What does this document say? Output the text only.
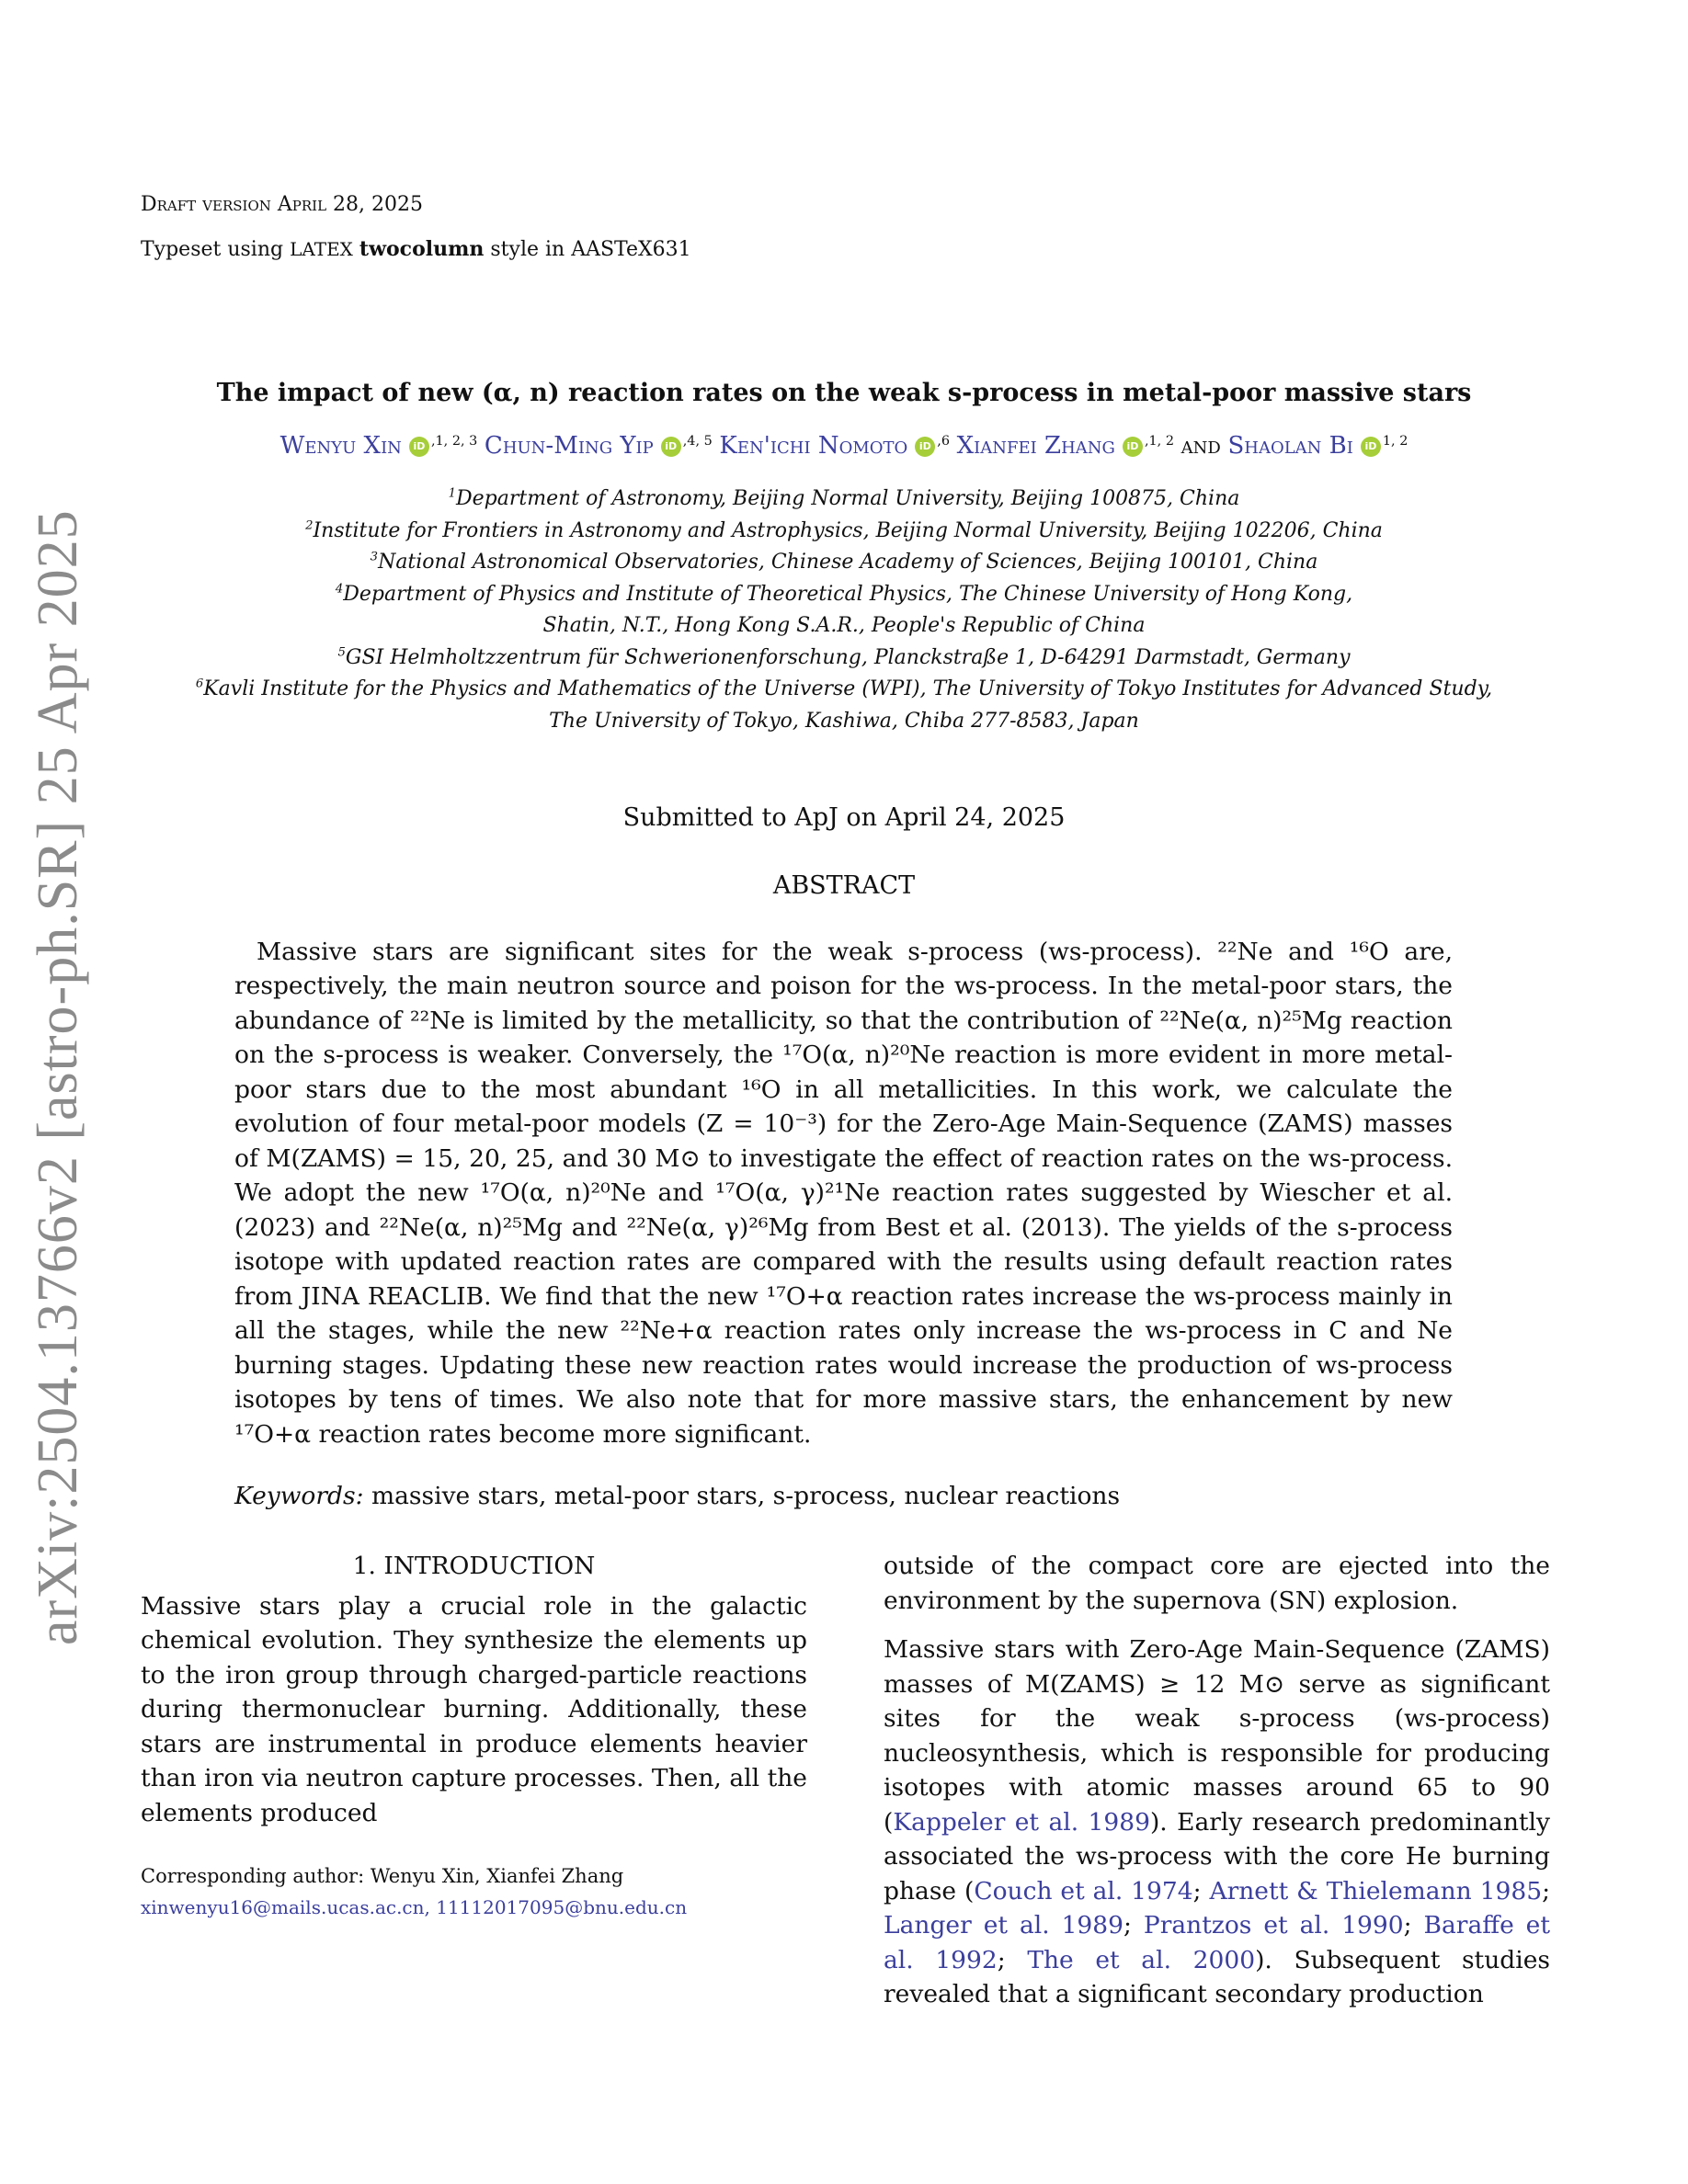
arXiv:2504.13766v2 [astro-ph.SR] 25 Apr 2025
Draft version April 28, 2025
Typeset using LATEX twocolumn style in AASTeX631
The impact of new (α, n) reaction rates on the weak s-process in metal-poor massive stars
Wenyu Xin iD $^{,1, 2, 3}$ Chun-Ming Yip iD $^{,4, 5}$ Ken'ichi Nomoto iD $^{,6}$ Xianfei Zhang iD $^{,1, 2}$ and Shaolan Bi iD $^{1, 2}$
$^1$Department of Astronomy, Beijing Normal University, Beijing 100875, China
$^2$Institute for Frontiers in Astronomy and Astrophysics, Beijing Normal University, Beijing 102206, China
$^3$National Astronomical Observatories, Chinese Academy of Sciences, Beijing 100101, China
$^4$Department of Physics and Institute of Theoretical Physics, The Chinese University of Hong Kong,
Shatin, N.T., Hong Kong S.A.R., People's Republic of China
$^5$GSI Helmholtzzentrum für Schwerionenforschung, Planckstraße 1, D-64291 Darmstadt, Germany
$^6$Kavli Institute for the Physics and Mathematics of the Universe (WPI), The University of Tokyo Institutes for Advanced Study,
The University of Tokyo, Kashiwa, Chiba 277-8583, Japan
Submitted to ApJ on April 24, 2025
ABSTRACT

Massive stars are significant sites for the weak s-process (ws-process). ²²Ne and ¹⁶O are, respectively, the main neutron source and poison for the ws-process. In the metal-poor stars, the abundance of ²²Ne is limited by the metallicity, so that the contribution of ²²Ne(α, n)²⁵Mg reaction on the s-process is weaker. Conversely, the ¹⁷O(α, n)²⁰Ne reaction is more evident in more metal-poor stars due to the most abundant ¹⁶O in all metallicities. In this work, we calculate the evolution of four metal-poor models (Z = 10⁻³) for the Zero-Age Main-Sequence (ZAMS) masses of M(ZAMS) = 15, 20, 25, and 30 M⊙ to investigate the effect of reaction rates on the ws-process. We adopt the new ¹⁷O(α, n)²⁰Ne and ¹⁷O(α, γ)²¹Ne reaction rates suggested by Wiescher et al. (2023) and ²²Ne(α, n)²⁵Mg and ²²Ne(α, γ)²⁶Mg from Best et al. (2013). The yields of the s-process isotope with updated reaction rates are compared with the results using default reaction rates from JINA REACLIB. We find that the new ¹⁷O+α reaction rates increase the ws-process mainly in all the stages, while the new ²²Ne+α reaction rates only increase the ws-process in C and Ne burning stages. Updating these new reaction rates would increase the production of ws-process isotopes by tens of times. We also note that for more massive stars, the enhancement by new ¹⁷O+α reaction rates become more significant.

Keywords: massive stars, metal-poor stars, s-process, nuclear reactions
1. INTRODUCTION

Massive stars play a crucial role in the galactic chemical evolution. They synthesize the elements up to the iron group through charged-particle reactions during thermonuclear burning. Additionally, these stars are instrumental in produce elements heavier than iron via neutron capture processes. Then, all the elements produced

outside of the compact core are ejected into the environment by the supernova (SN) explosion.

Massive stars with Zero-Age Main-Sequence (ZAMS) masses of M(ZAMS) ≥ 12 M⊙ serve as significant sites for the weak s-process (ws-process) nucleosynthesis, which is responsible for producing isotopes with atomic masses around 65 to 90 (Kappeler et al. 1989). Early research predominantly associated the ws-process with the core He burning phase (Couch et al. 1974; Arnett & Thielemann 1985; Langer et al. 1989; Prantzos et al. 1990; Baraffe et al. 1992; The et al. 2000). Subsequent studies revealed that a significant secondary production

Corresponding author: Wenyu Xin, Xianfei Zhang
xinwenyu16@mails.ucas.ac.cn, 11112017095@bnu.edu.cn
